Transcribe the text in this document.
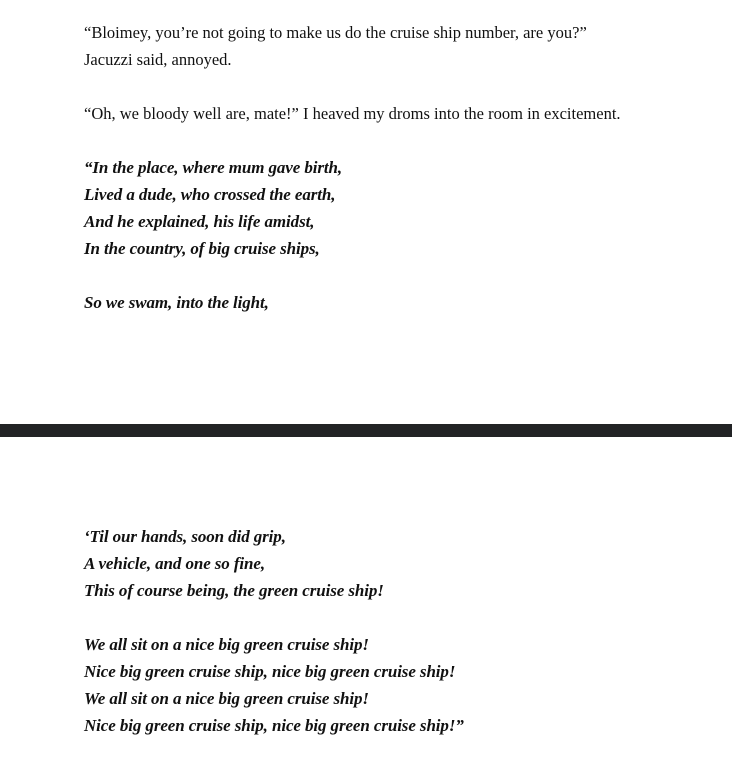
“Bloimey, you’re not going to make us do the cruise ship number, are you?”
Jacuzzi said, annoyed.

“Oh, we bloody well are, mate!” I heaved my droms into the room in excitement.

“In the place, where mum gave birth,
Lived a dude, who crossed the earth,
And he explained, his life amidst,
In the country, of big cruise ships,
So we swam, into the light,
‘Til our hands, soon did grip,
A vehicle, and one so fine,
This of course being, the green cruise ship!
We all sit on a nice big green cruise ship!
Nice big green cruise ship, nice big green cruise ship!
We all sit on a nice big green cruise ship!
Nice big green cruise ship, nice big green cruise ship!”
